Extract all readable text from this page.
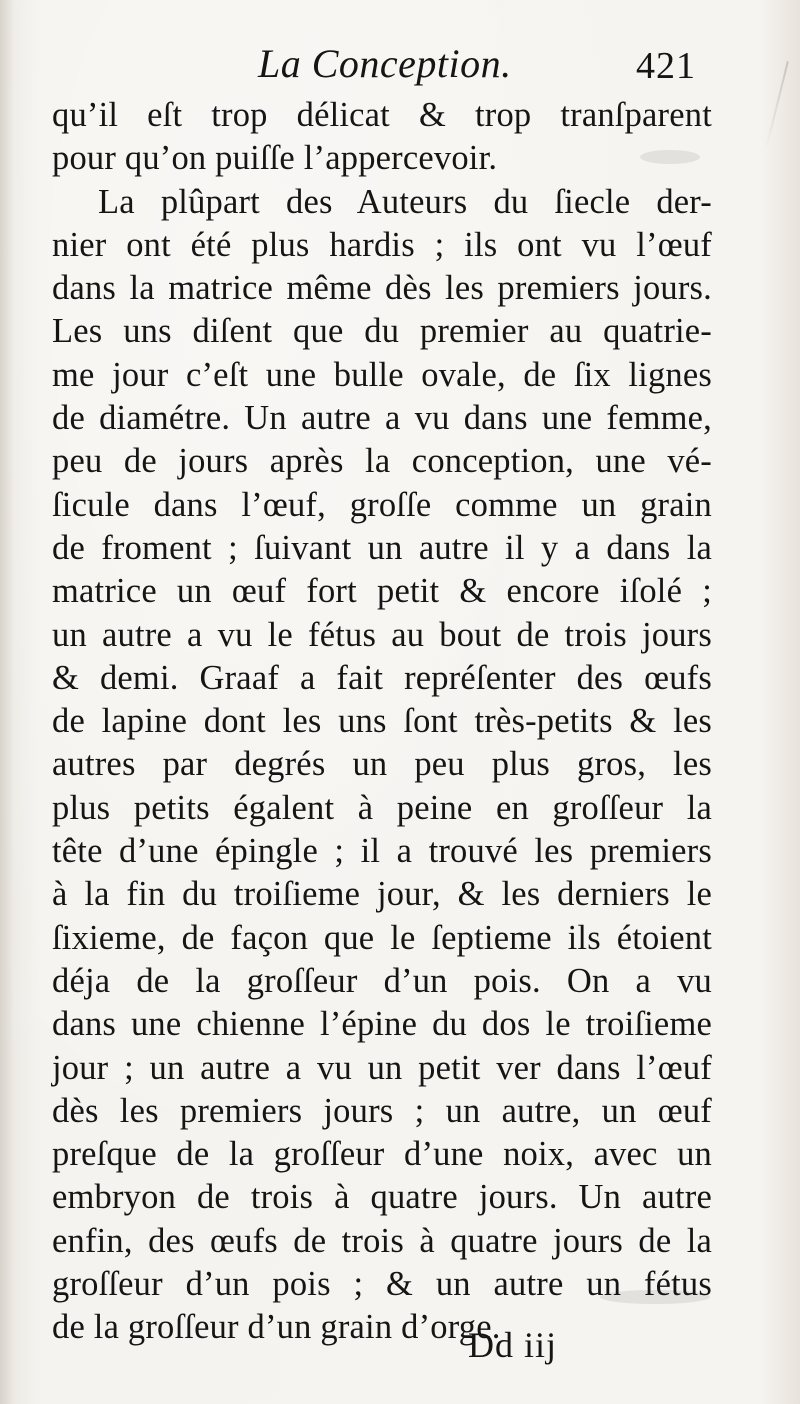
La Conception.	421
qu’il eſt trop délicat & trop tranſparent
pour qu’on puiſſe l’appercevoir.
La plûpart des Auteurs du ſiecle der-
nier ont été plus hardis ; ils ont vu l’œuf
dans la matrice même dès les premiers jours.
Les uns diſent que du premier au quatrie-
me jour c’eſt une bulle ovale, de ſix lignes
de diamétre. Un autre a vu dans une femme,
peu de jours après la conception, une vé-
ſicule dans l’œuf, groſſe comme un grain
de froment ; ſuivant un autre il y a dans la
matrice un œuf fort petit & encore iſolé ;
un autre a vu le fétus au bout de trois jours
& demi. Graaf a fait repréſenter des œufs
de lapine dont les uns ſont très-petits & les
autres par degrés un peu plus gros, les
plus petits égalent à peine en groſſeur la
tête d’une épingle ; il a trouvé les premiers
à la fin du troiſieme jour, & les derniers le
ſixieme, de façon que le ſeptieme ils étoient
déja de la groſſeur d’un pois. On a vu
dans une chienne l’épine du dos le troiſieme
jour ; un autre a vu un petit ver dans l’œuf
dès les premiers jours ; un autre, un œuf
preſque de la groſſeur d’une noix, avec un
embryon de trois à quatre jours. Un autre
enfin, des œufs de trois à quatre jours de la
groſſeur d’un pois ; & un autre un fétus
de la groſſeur d’un grain d’orge.
Dd iij
